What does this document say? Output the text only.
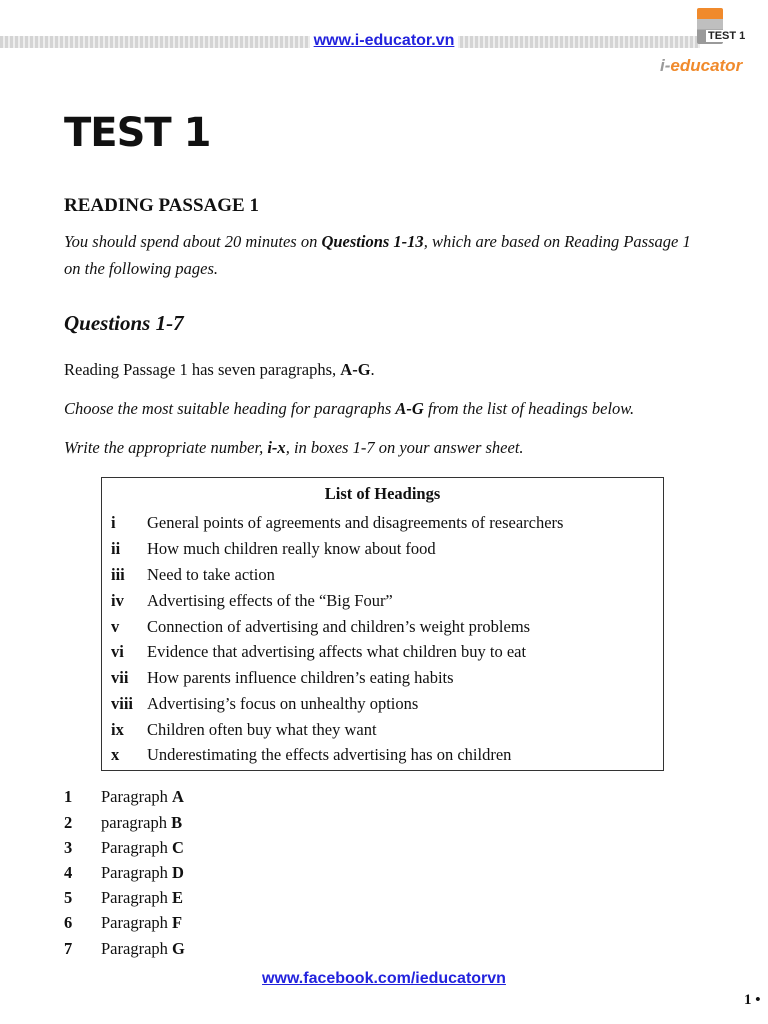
www.i-educator.vn	TEST 1
i-educator
TEST 1
READING PASSAGE 1

You should spend about 20 minutes on Questions 1-13, which are based on Reading Passage 1 on the following pages.

Questions 1-7

Reading Passage 1 has seven paragraphs, A-G.

Choose the most suitable heading for paragraphs A-G from the list of headings below.

Write the appropriate number, i-x, in boxes 1-7 on your answer sheet.

List of Headings
i General points of agreements and disagreements of researchers
ii How much children really know about food
iii Need to take action
iv Advertising effects of the “Big Four”
v Connection of advertising and children’s weight problems
vi Evidence that advertising affects what children buy to eat
vii How parents influence children’s eating habits
viii Advertising’s focus on unhealthy options
ix Children often buy what they want
x Underestimating the effects advertising has on children
1 Paragraph A
2 paragraph B
3 Paragraph C
4 Paragraph D
5 Paragraph E
6 Paragraph F
7 Paragraph G
www.facebook.com/ieducatorvn
1 •
